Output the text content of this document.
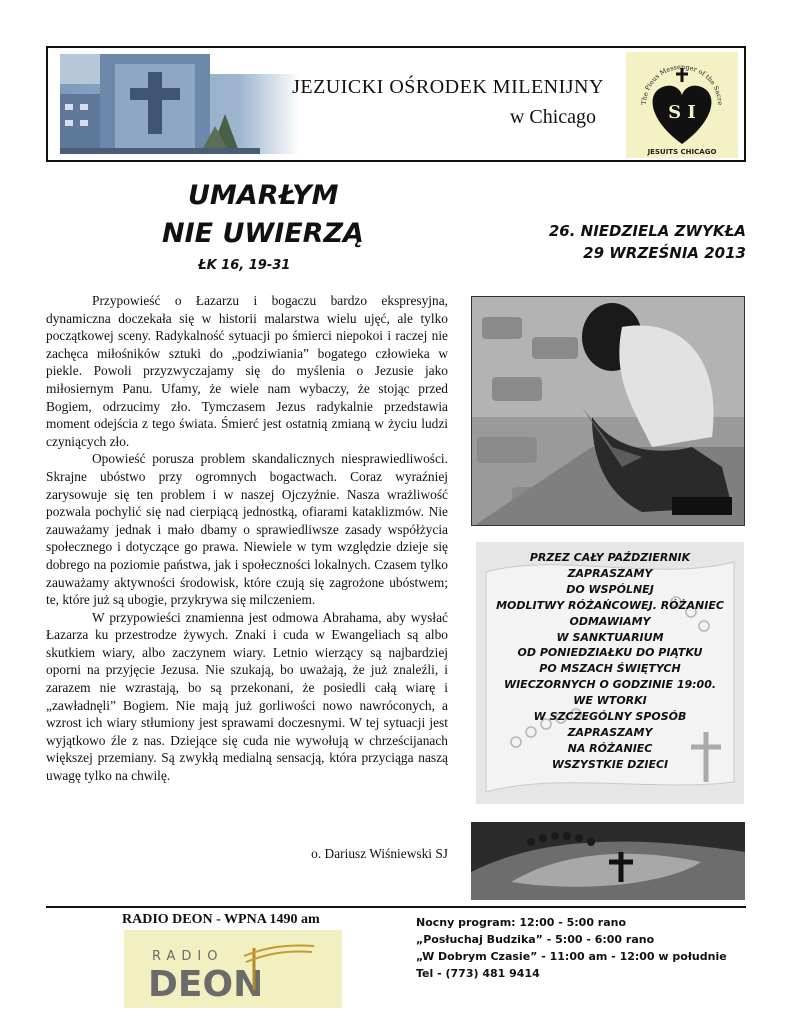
JEZUICKI OŚRODEK MILENIJNY
w Chicago
The Pious Messenger of the Sacre
S I
JESUITS CHICAGO
UMARŁYM
NIE UWIERZĄ
ŁK 16, 19-31
26. NIEDZIELA ZWYKŁA
29 WRZEŚNIA 2013

Przypowieść o Łazarzu i bogaczu bardzo ekspresyjna, dynamiczna doczekała się w historii malarstwa wielu ujęć, ale tylko początkowej sceny. Radykalność sytuacji po śmierci niepokoi i raczej nie zachęca miłośników sztuki do „podziwiania” bogatego człowieka w piekle. Powoli przyzwyczajamy się do myślenia o Jezusie jako miłosiernym Panu. Ufamy, że wiele nam wybaczy, że stojąc przed Bogiem, odrzucimy zło. Tymczasem Jezus radykalnie przedstawia moment odejścia z tego świata. Śmierć jest ostatnią zmianą w życiu ludzi czyniących zło.

Opowieść porusza problem skandalicznych niesprawiedliwości. Skrajne ubóstwo przy ogromnych bogactwach. Coraz wyraźniej zarysowuje się ten problem i w naszej Ojczyźnie. Nasza wrażliwość pozwala pochylić się nad cierpiącą jednostką, ofiarami kataklizmów. Nie zauważamy jednak i mało dbamy o sprawiedliwsze zasady współżycia społecznego i dotyczące go prawa. Niewiele w tym względzie dzieje się dobrego na poziomie państwa, jak i społeczności lokalnych. Czasem tylko zauważamy aktywności środowisk, które czują się zagrożone ubóstwem; te, które już są ubogie, przykrywa się milczeniem.

W przypowieści znamienna jest odmowa Abrahama, aby wysłać Łazarza ku przestrodze żywych. Znaki i cuda w Ewangeliach są albo skutkiem wiary, albo zaczynem wiary. Letnio wierzący są najbardziej oporni na przyjęcie Jezusa. Nie szukają, bo uważają, że już znaleźli, i zarazem nie wzrastają, bo są przekonani, że posiedli całą wiarę i „zawładnęli” Bogiem. Nie mają już gorliwości nowo nawróconych, a wzrost ich wiary stłumiony jest sprawami doczesnymi. W tej sytuacji jest wyjątkowo źle z nas. Dziejące się cuda nie wywołują w chrześcijanach większej przemiany. Są zwykłą medialną sensacją, która przyciąga naszą uwagę tylko na chwilę.

o. Dariusz Wiśniewski SJ
PRZEZ CAŁY PAŹDZIERNIK
ZAPRASZAMY
DO WSPÓLNEJ
MODLITWY RÓŻAŃCOWEJ. RÓŻANIEC
ODMAWIAMY
W SANKTUARIUM
OD PONIEDZIAŁKU DO PIĄTKU
PO MSZACH ŚWIĘTYCH
WIECZORNYCH O GODZINIE 19:00.
WE WTORKI
W SZCZEGÓLNY SPOSÓB
ZAPRASZAMY
NA RÓŻANIEC
WSZYSTKIE DZIECI
RADIO DEON - WPNA 1490 am
RADIO
DEON
Nocny program: 12:00 - 5:00 rano
„Posłuchaj Budzika” - 5:00 - 6:00 rano
„W Dobrym Czasie” - 11:00 am - 12:00 w południe
Tel - (773) 481 9414
